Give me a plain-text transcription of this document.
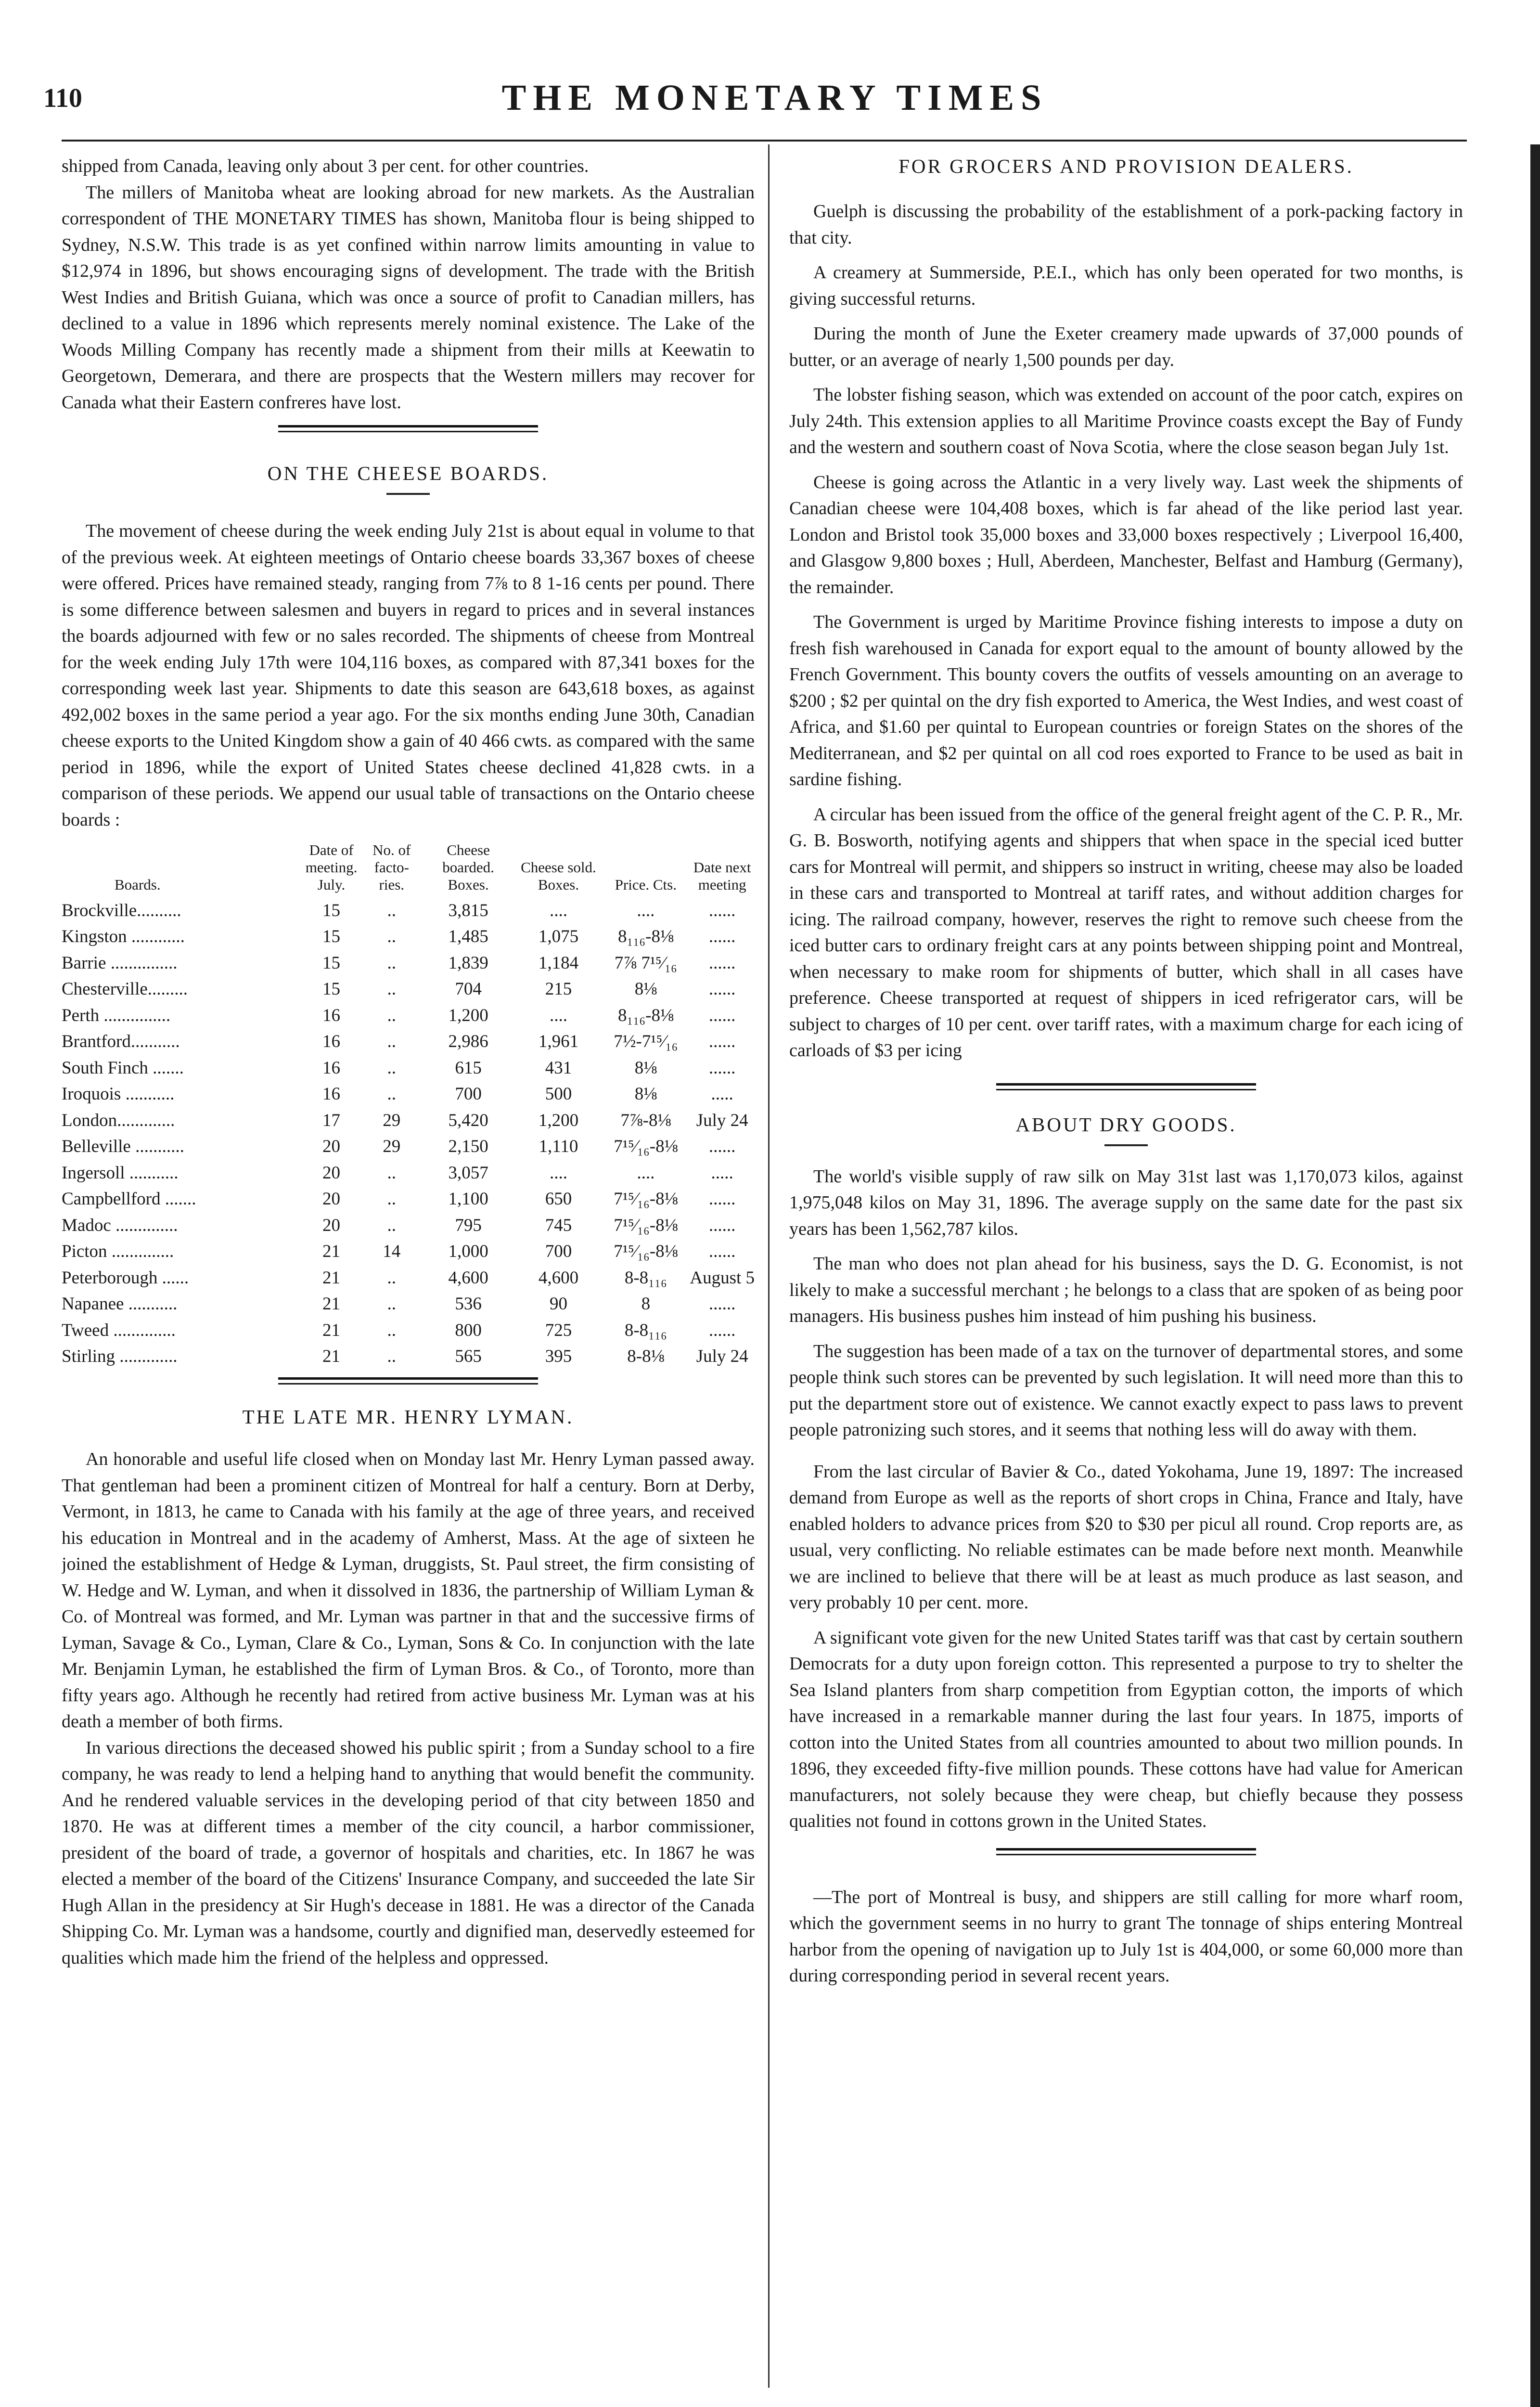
110	THE MONETARY TIMES

shipped from Canada, leaving only about 3 per cent. for other countries.

The millers of Manitoba wheat are looking abroad for new markets. As the Australian correspondent of THE MONETARY TIMES has shown, Manitoba flour is being shipped to Sydney, N.S.W. This trade is as yet confined within narrow limits amounting in value to $12,974 in 1896, but shows encouraging signs of development. The trade with the British West Indies and British Guiana, which was once a source of profit to Canadian millers, has declined to a value in 1896 which represents merely nominal existence. The Lake of the Woods Milling Company has recently made a shipment from their mills at Keewatin to Georgetown, Demerara, and there are prospects that the Western millers may recover for Canada what their Eastern confreres have lost.

ON THE CHEESE BOARDS.

The movement of cheese during the week ending July 21st is about equal in volume to that of the previous week. At eighteen meetings of Ontario cheese boards 33,367 boxes of cheese were offered. Prices have remained steady, ranging from 7⅞ to 8 1-16 cents per pound. There is some difference between salesmen and buyers in regard to prices and in several instances the boards adjourned with few or no sales recorded. The shipments of cheese from Montreal for the week ending July 17th were 104,116 boxes, as compared with 87,341 boxes for the corresponding week last year. Shipments to date this season are 643,618 boxes, as against 492,002 boxes in the same period a year ago. For the six months ending June 30th, Canadian cheese exports to the United Kingdom show a gain of 40 466 cwts. as compared with the same period in 1896, while the export of United States cheese declined 41,828 cwts. in a comparison of these periods. We append our usual table of transactions on the Ontario cheese boards :

Boards.	Date of meeting. July.	No. of facto-ries.	Cheese boarded. Boxes.	Cheese sold. Boxes.	Price. Cts.	Date next meeting
Brockville..........	15	..	3,815	....	....	......
Kingston ............	15	..	1,485	1,075	8₁₁₆-8⅛	......
Barrie ...............	15	..	1,839	1,184	7⅞ 7¹⁵⁄₁₆	......
Chesterville.........	15	..	704	215	8⅛	......
Perth ...............	16	..	1,200	....	8₁₁₆-8⅛	......
Brantford...........	16	..	2,986	1,961	7½-7¹⁵⁄₁₆	......
South Finch .......	16	..	615	431	8⅛	......
Iroquois ...........	16	..	700	500	8⅛	.....
London.............	17	29	5,420	1,200	7⅞-8⅛	July 24
Belleville ...........	20	29	2,150	1,110	7¹⁵⁄₁₆-8⅛	......
Ingersoll ...........	20	..	3,057	....	....	.....
Campbellford .......	20	..	1,100	650	7¹⁵⁄₁₆-8⅛	......
Madoc ..............	20	..	795	745	7¹⁵⁄₁₆-8⅛	......
Picton ..............	21	14	1,000	700	7¹⁵⁄₁₆-8⅛	......
Peterborough ......	21	..	4,600	4,600	8-8₁₁₆	August 5
Napanee ...........	21	..	536	90	8	......
Tweed ..............	21	..	800	725	8-8₁₁₆	......
Stirling .............	21	..	565	395	8-8⅛	July 24
THE LATE MR. HENRY LYMAN.

An honorable and useful life closed when on Monday last Mr. Henry Lyman passed away. That gentleman had been a prominent citizen of Montreal for half a century. Born at Derby, Vermont, in 1813, he came to Canada with his family at the age of three years, and received his education in Montreal and in the academy of Amherst, Mass. At the age of sixteen he joined the establishment of Hedge & Lyman, druggists, St. Paul street, the firm consisting of W. Hedge and W. Lyman, and when it dissolved in 1836, the partnership of William Lyman & Co. of Montreal was formed, and Mr. Lyman was partner in that and the successive firms of Lyman, Savage & Co., Lyman, Clare & Co., Lyman, Sons & Co. In conjunction with the late Mr. Benjamin Lyman, he established the firm of Lyman Bros. & Co., of Toronto, more than fifty years ago. Although he recently had retired from active business Mr. Lyman was at his death a member of both firms.

In various directions the deceased showed his public spirit ; from a Sunday school to a fire company, he was ready to lend a helping hand to anything that would benefit the community. And he rendered valuable services in the developing period of that city between 1850 and 1870. He was at different times a member of the city council, a harbor commissioner, president of the board of trade, a governor of hospitals and charities, etc. In 1867 he was elected a member of the board of the Citizens' Insurance Company, and succeeded the late Sir Hugh Allan in the presidency at Sir Hugh's decease in 1881. He was a director of the Canada Shipping Co. Mr. Lyman was a handsome, courtly and dignified man, deservedly esteemed for qualities which made him the friend of the helpless and oppressed.

FOR GROCERS AND PROVISION DEALERS.

Guelph is discussing the probability of the establishment of a pork-packing factory in that city.

A creamery at Summerside, P.E.I., which has only been operated for two months, is giving successful returns.

During the month of June the Exeter creamery made upwards of 37,000 pounds of butter, or an average of nearly 1,500 pounds per day.

The lobster fishing season, which was extended on account of the poor catch, expires on July 24th. This extension applies to all Maritime Province coasts except the Bay of Fundy and the western and southern coast of Nova Scotia, where the close season began July 1st.

Cheese is going across the Atlantic in a very lively way. Last week the shipments of Canadian cheese were 104,408 boxes, which is far ahead of the like period last year. London and Bristol took 35,000 boxes and 33,000 boxes respectively ; Liverpool 16,400, and Glasgow 9,800 boxes ; Hull, Aberdeen, Manchester, Belfast and Hamburg (Germany), the remainder.

The Government is urged by Maritime Province fishing interests to impose a duty on fresh fish warehoused in Canada for export equal to the amount of bounty allowed by the French Government. This bounty covers the outfits of vessels amounting on an average to $200 ; $2 per quintal on the dry fish exported to America, the West Indies, and west coast of Africa, and $1.60 per quintal to European countries or foreign States on the shores of the Mediterranean, and $2 per quintal on all cod roes exported to France to be used as bait in sardine fishing.

A circular has been issued from the office of the general freight agent of the C. P. R., Mr. G. B. Bosworth, notifying agents and shippers that when space in the special iced butter cars for Montreal will permit, and shippers so instruct in writing, cheese may also be loaded in these cars and transported to Montreal at tariff rates, and without addition charges for icing. The railroad company, however, reserves the right to remove such cheese from the iced butter cars to ordinary freight cars at any points between shipping point and Montreal, when necessary to make room for shipments of butter, which shall in all cases have preference. Cheese transported at request of shippers in iced refrigerator cars, will be subject to charges of 10 per cent. over tariff rates, with a maximum charge for each icing of carloads of $3 per icing

ABOUT DRY GOODS.

The world's visible supply of raw silk on May 31st last was 1,170,073 kilos, against 1,975,048 kilos on May 31, 1896. The average supply on the same date for the past six years has been 1,562,787 kilos.

The man who does not plan ahead for his business, says the D. G. Economist, is not likely to make a successful merchant ; he belongs to a class that are spoken of as being poor managers. His business pushes him instead of him pushing his business.

The suggestion has been made of a tax on the turnover of departmental stores, and some people think such stores can be prevented by such legislation. It will need more than this to put the department store out of existence. We cannot exactly expect to pass laws to prevent people patronizing such stores, and it seems that nothing less will do away with them.

From the last circular of Bavier & Co., dated Yokohama, June 19, 1897: The increased demand from Europe as well as the reports of short crops in China, France and Italy, have enabled holders to advance prices from $20 to $30 per picul all round. Crop reports are, as usual, very conflicting. No reliable estimates can be made before next month. Meanwhile we are inclined to believe that there will be at least as much produce as last season, and very probably 10 per cent. more.

A significant vote given for the new United States tariff was that cast by certain southern Democrats for a duty upon foreign cotton. This represented a purpose to try to shelter the Sea Island planters from sharp competition from Egyptian cotton, the imports of which have increased in a remarkable manner during the last four years. In 1875, imports of cotton into the United States from all countries amounted to about two million pounds. In 1896, they exceeded fifty-five million pounds. These cottons have had value for American manufacturers, not solely because they were cheap, but chiefly because they possess qualities not found in cottons grown in the United States.

—The port of Montreal is busy, and shippers are still calling for more wharf room, which the government seems in no hurry to grant The tonnage of ships entering Montreal harbor from the opening of navigation up to July 1st is 404,000, or some 60,000 more than during corresponding period in several recent years.
